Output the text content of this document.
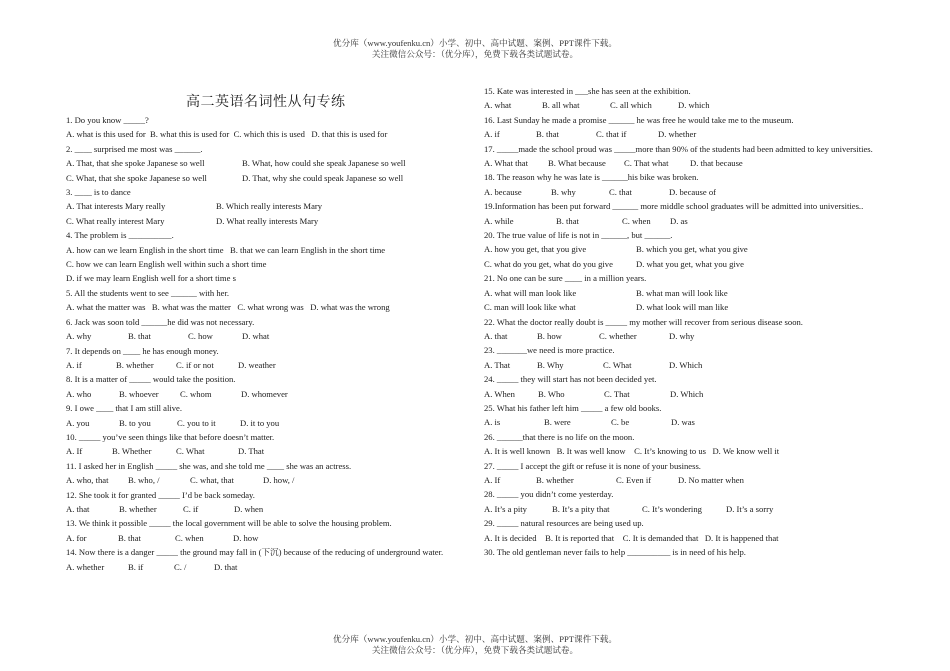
优分库（www.youfenku.cn）小学、初中、高中试题、案例、PPT课件下载。
关注微信公众号：（优分库），免费下载各类试题试卷。
高二英语名词性从句专练
1. Do you know _____?
A. what is this used for B. what this is used for C. which this is used D. that this is used for
2. ____ surprised me most was ______.
A. That, that she spoke Japanese so well	B. What, how could she speak Japanese so well
C. What, that she spoke Japanese so well	D. That, why she could speak Japanese so well
3. ____ is to dance
A. That interests Mary really	B. Which really interests Mary
C. What really interest Mary	D. What really interests Mary
4. The problem is __________.
A. how can we learn English in the short time B. that we can learn English in the short time
C. how we can learn English well within such a short time
D. if we may learn English well for a short time s
5. All the students went to see ______ with her.
A. what the matter was B. what was the matter C. what wrong was D. what was the wrong
6. Jack was soon told ______he did was not necessary.
A. why	B. that	C. how	D. what
7. It depends on ____ he has enough money.
A. if	B. whether	C. if or not	D. weather
8. It is a matter of _____ would take the position.
A. who	B. whoever C. whom	D. whomever
9. I owe ____ that I am still alive.
A. you	B. to you	C. you to it	D. it to you
10. _____ you’ve seen things like that before doesn’t matter.
A. If	B. Whether	C. What	D. That
11. I asked her in English _____ she was, and she told me ____ she was an actress.
A. who, that B. who, /	C. what, that	D. how, /
12. She took it for granted _____ I’d be back someday.
A. that	B. whether	C. if	D. when
13. We think it possible _____ the local government will be able to solve the housing problem.
A. for	B. that	C. when	D. how
14. Now there is a danger _____ the ground may fall in (下沉) because of the reducing of underground water.
A. whether	B. if	C. /	D. that
15. Kate was interested in ___she has seen at the exhibition.
A. what	B. all what	C. all which	D. which
16. Last Sunday he made a promise ______ he was free he would take me to the museum.
A. if	B. that	C. that if	D. whether
17. _____made the school proud was _____more than 90% of the students had been admitted to key universities.
A. What that B. What because C. That what	D. that because
18. The reason why he was late is ______his bike was broken.
A. because	B. why	C. that	D. because of
19.Information has been put forward ______ more middle school graduates will be admitted into universities..
A. while	B. that	C. when D. as
20. The true value of life is not in ______, but ______.
A. how you get, that you give	B. which you get, what you give
C. what do you get, what do you give	D. what you get, what you give
21. No one can be sure ____ in a million years.
A. what will man look like	B. what man will look like
C. man will look like what	D. what look will man like
22. What the doctor really doubt is _____ my mother will recover from serious disease soon.
A. that	B. how	C. whether	D. why
23. _______we need is more practice.
A. That	B. Why	C. What	D. Which
24. _____ they will start has not been decided yet.
A. When	B. Who	C. That	D. Which
25. What his father left him _____ a few old books.
A. is	B. were	C. be	D. was
26. ______that there is no life on the moon.
A. It is well known B. It was well know C. It’s knowing to us D. We know well it
27. _____ I accept the gift or refuse it is none of your business.
A. If	B. whether	C. Even if	D. No matter when
28. _____ you didn’t come yesterday.
A. It’s a pity	B. It’s a pity that	C. It’s wondering	D. It’s a sorry
29. _____ natural resources are being used up.
A. It is decided B. It is reported that C. It is demanded that D. It is happened that
30. The old gentleman never fails to help __________ is in need of his help.
优分库（www.youfenku.cn）小学、初中、高中试题、案例、PPT课件下载。
关注微信公众号：（优分库），免费下载各类试题试卷。
